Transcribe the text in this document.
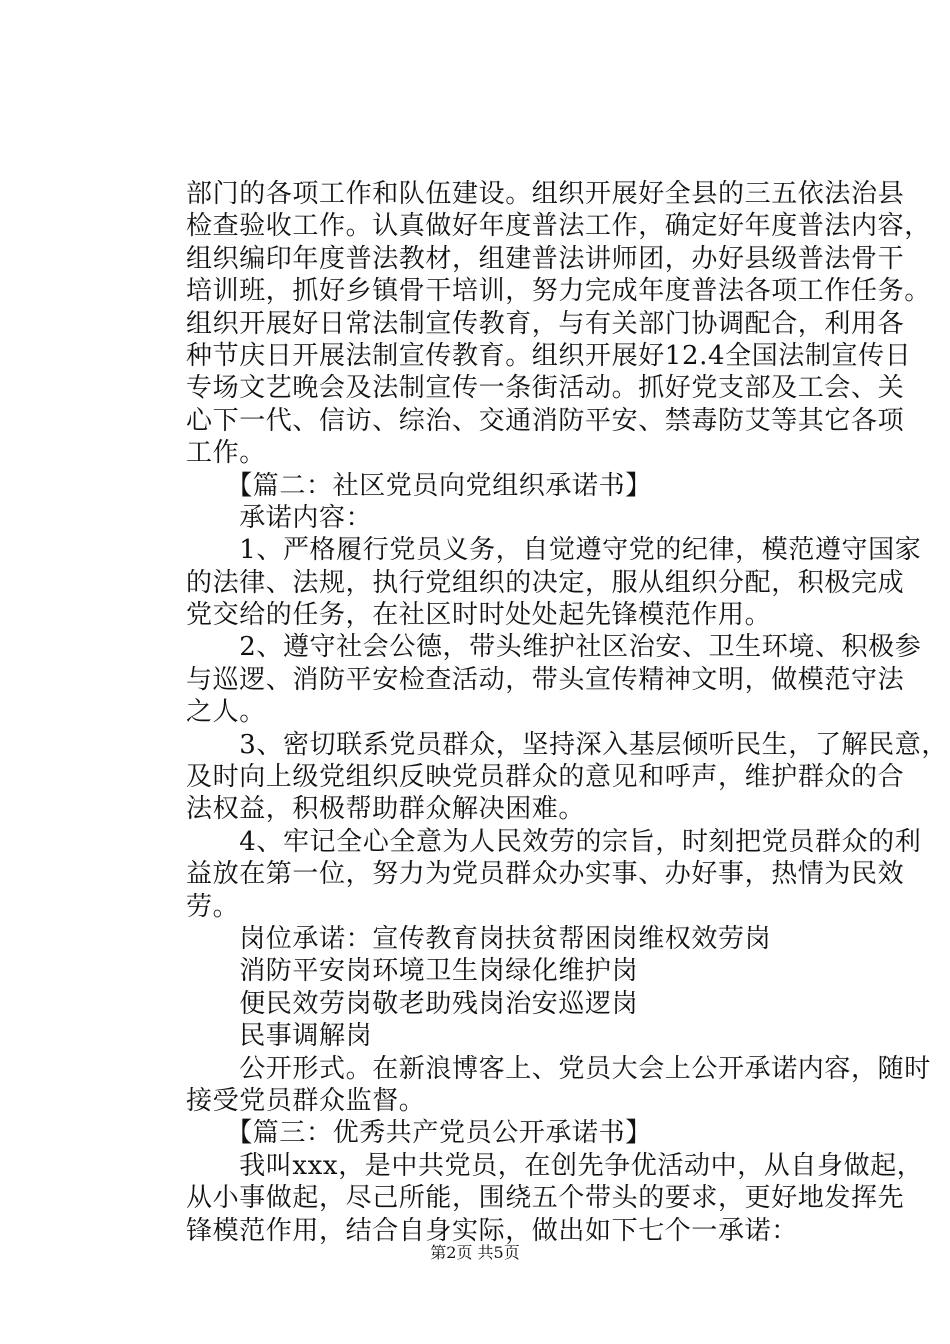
部门的各项工作和队伍建设。组织开展好全县的三五依法治县
检查验收工作。认真做好年度普法工作，确定好年度普法内容，
组织编印年度普法教材，组建普法讲师团，办好县级普法骨干
培训班，抓好乡镇骨干培训，努力完成年度普法各项工作任务。
组织开展好日常法制宣传教育，与有关部门协调配合，利用各
种节庆日开展法制宣传教育。组织开展好12.4全国法制宣传日
专场文艺晚会及法制宣传一条街活动。抓好党支部及工会、关
心下一代、信访、综治、交通消防平安、禁毒防艾等其它各项
工作。
　　【篇二：社区党员向党组织承诺书】
　　承诺内容：
　　1、严格履行党员义务，自觉遵守党的纪律，模范遵守国家
的法律、法规，执行党组织的决定，服从组织分配，积极完成
党交给的任务，在社区时时处处起先锋模范作用。
　　2、遵守社会公德，带头维护社区治安、卫生环境、积极参
与巡逻、消防平安检查活动，带头宣传精神文明，做模范守法
之人。
　　3、密切联系党员群众，坚持深入基层倾听民生，了解民意，
及时向上级党组织反映党员群众的意见和呼声，维护群众的合
法权益，积极帮助群众解决困难。
　　4、牢记全心全意为人民效劳的宗旨，时刻把党员群众的利
益放在第一位，努力为党员群众办实事、办好事，热情为民效
劳。
　　岗位承诺：宣传教育岗扶贫帮困岗维权效劳岗
　　消防平安岗环境卫生岗绿化维护岗
　　便民效劳岗敬老助残岗治安巡逻岗
　　民事调解岗
　　公开形式。在新浪博客上、党员大会上公开承诺内容，随时
接受党员群众监督。
　　【篇三：优秀共产党员公开承诺书】
　　我叫xxx，是中共党员，在创先争优活动中，从自身做起，
从小事做起，尽己所能，围绕五个带头的要求，更好地发挥先
锋模范作用，结合自身实际，做出如下七个一承诺：
第2页 共5页
